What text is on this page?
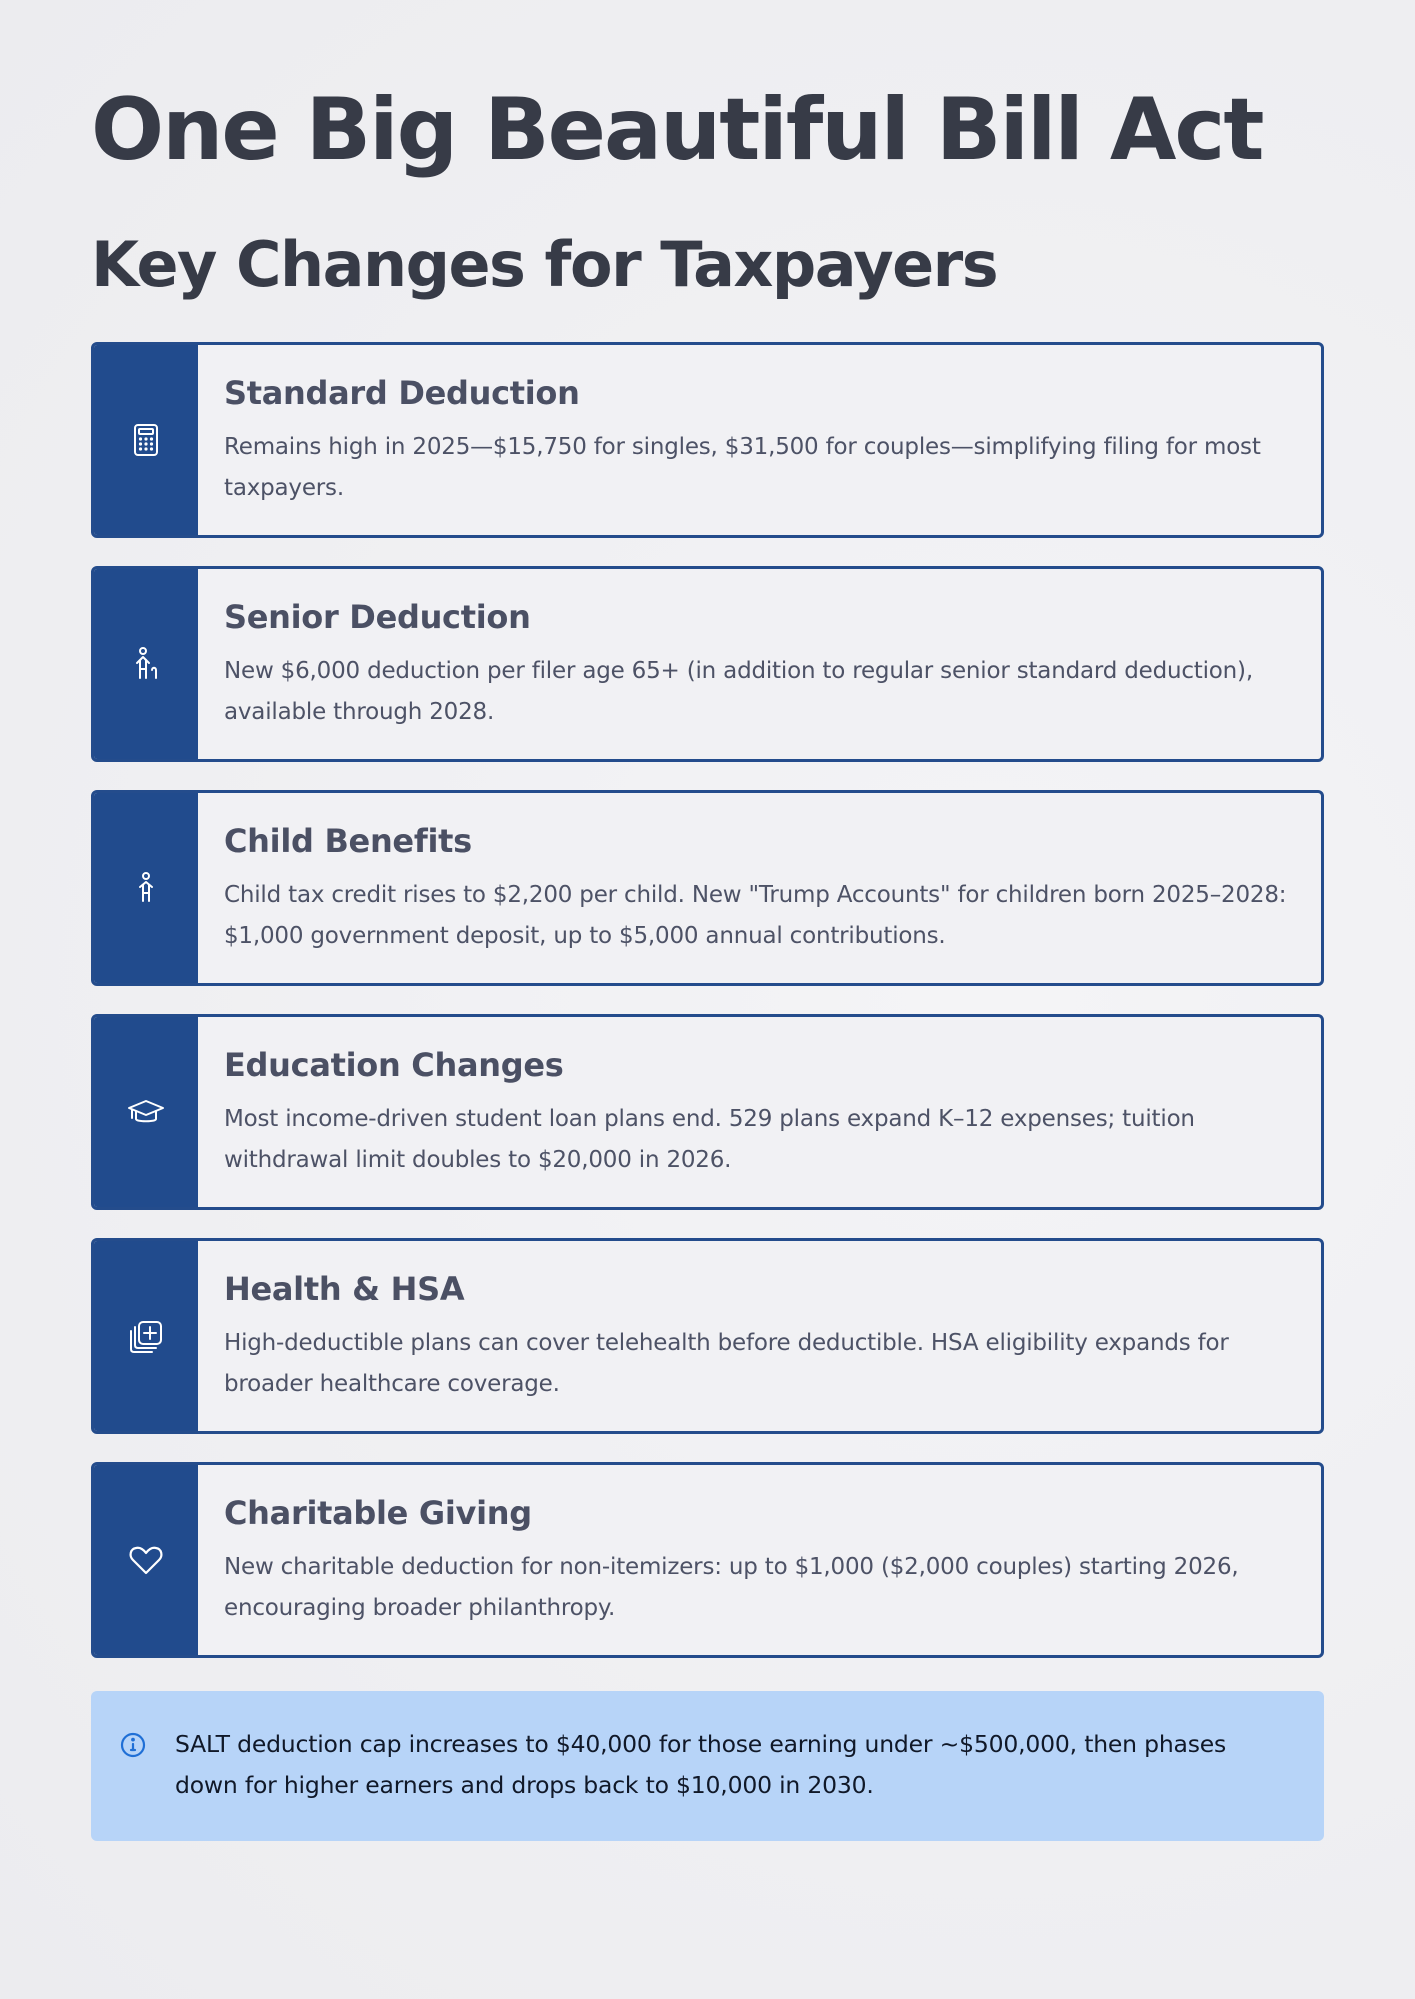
One Big Beautiful Bill Act
Key Changes for Taxpayers
Standard Deduction

Remains high in 2025—$15,750 for singles, $31,500 for couples—simplifying filing for most taxpayers.

Senior Deduction

New $6,000 deduction per filer age 65+ (in addition to regular senior standard deduction), available through 2028.

Child Benefits

Child tax credit rises to $2,200 per child. New "Trump Accounts" for children born 2025–2028: $1,000 government deposit, up to $5,000 annual contributions.

Education Changes

Most income-driven student loan plans end. 529 plans expand K–12 expenses; tuition withdrawal limit doubles to $20,000 in 2026.

Health & HSA

High-deductible plans can cover telehealth before deductible. HSA eligibility expands for broader healthcare coverage.

Charitable Giving

New charitable deduction for non-itemizers: up to $1,000 ($2,000 couples) starting 2026, encouraging broader philanthropy.

SALT deduction cap increases to $40,000 for those earning under ~$500,000, then phases down for higher earners and drops back to $10,000 in 2030.
